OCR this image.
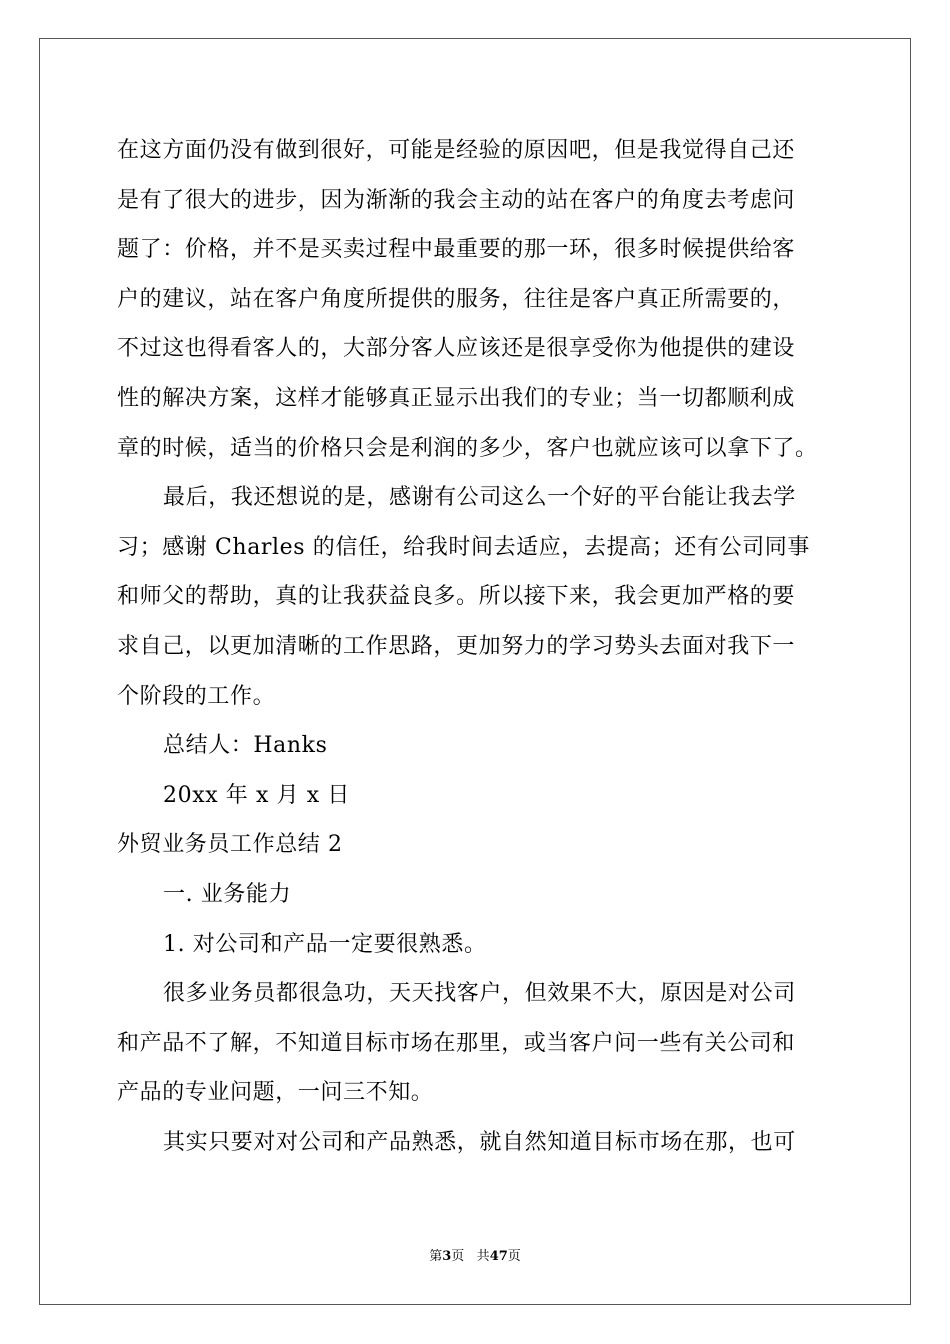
在这方面仍没有做到很好，可能是经验的原因吧，但是我觉得自己还
是有了很大的进步，因为渐渐的我会主动的站在客户的角度去考虑问
题了：价格，并不是买卖过程中最重要的那一环，很多时候提供给客
户的建议，站在客户角度所提供的服务，往往是客户真正所需要的，
不过这也得看客人的，大部分客人应该还是很享受你为他提供的建设
性的解决方案，这样才能够真正显示出我们的专业；当一切都顺利成
章的时候，适当的价格只会是利润的多少，客户也就应该可以拿下了。
最后，我还想说的是，感谢有公司这么一个好的平台能让我去学
习；感谢 Charles 的信任，给我时间去适应，去提高；还有公司同事
和师父的帮助，真的让我获益良多。所以接下来，我会更加严格的要
求自己，以更加清晰的工作思路，更加努力的学习势头去面对我下一
个阶段的工作。
总结人：Hanks
20xx 年 x 月 x 日
外贸业务员工作总结 2
一. 业务能力
1. 对公司和产品一定要很熟悉。
很多业务员都很急功，天天找客户，但效果不大，原因是对公司
和产品不了解，不知道目标市场在那里，或当客户问一些有关公司和
产品的专业问题，一问三不知。
其实只要对对公司和产品熟悉，就自然知道目标市场在那，也可
第3页 共47页
